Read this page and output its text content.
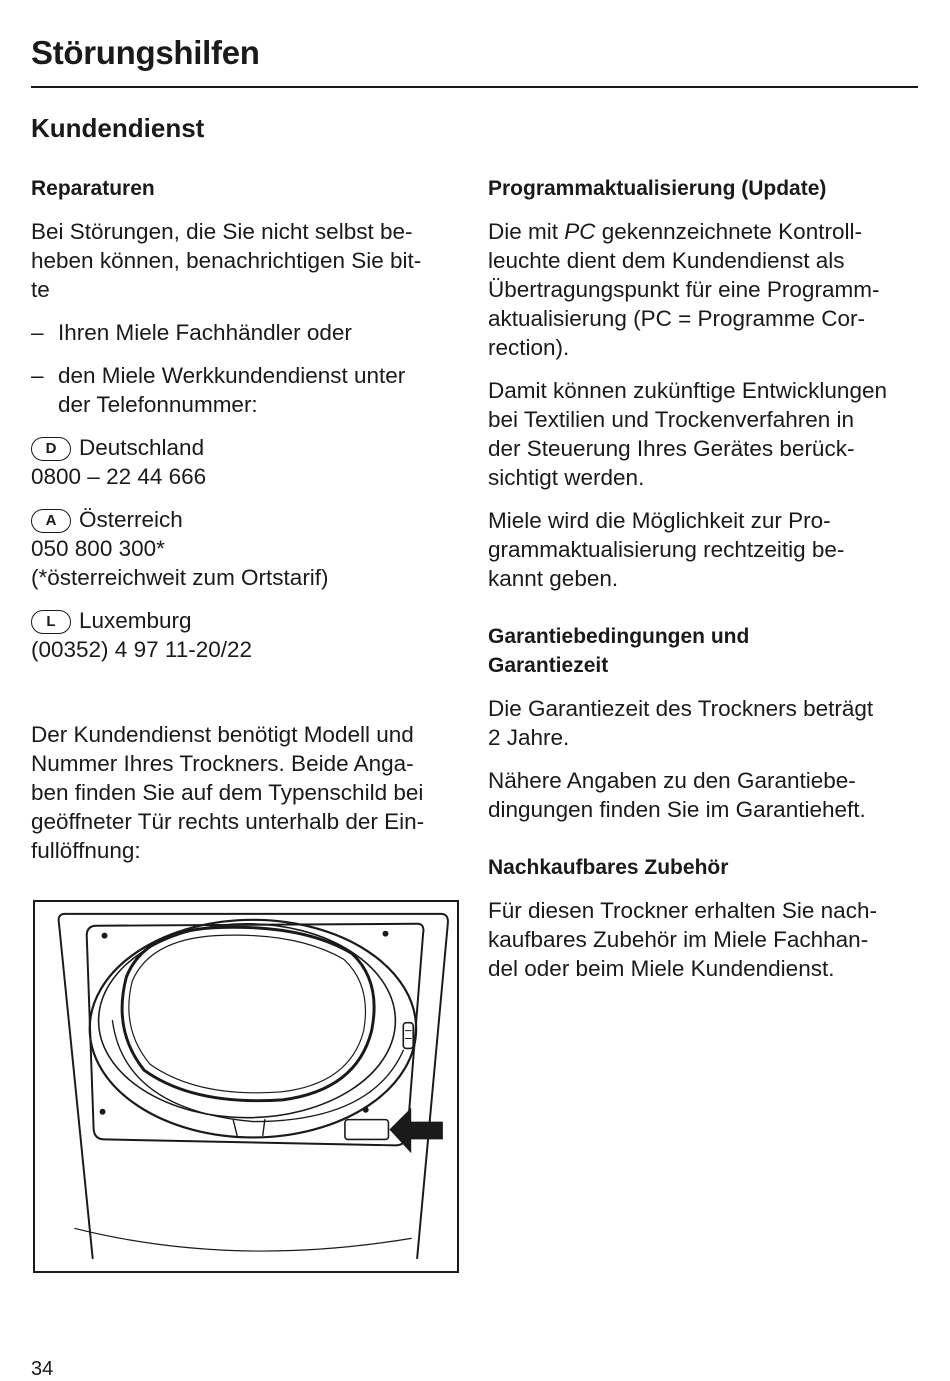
Störungshilfen
Kundendienst
Reparaturen

Bei Störungen, die Sie nicht selbst be-
heben können, benachrichtigen Sie bit-
te

– Ihren Miele Fachhändler oder
– den Miele Werkkundendienst unter
der Telefonnummer:
D Deutschland
0800 – 22 44 666
A Österreich
050 800 300*
(*österreichweit zum Ortstarif)
L Luxemburg
(00352) 4 97 11-20/22

Der Kundendienst benötigt Modell und
Nummer Ihres Trockners. Beide Anga-
ben finden Sie auf dem Typenschild bei
geöffneter Tür rechts unterhalb der Ein-
fullöffnung:

Programmaktualisierung (Update)

Die mit PC gekennzeichnete Kontroll-
leuchte dient dem Kundendienst als
Übertragungspunkt für eine Programm-
aktualisierung (PC = Programme Cor-
rection).

Damit können zukünftige Entwicklungen
bei Textilien und Trockenverfahren in
der Steuerung Ihres Gerätes berück-
sichtigt werden.

Miele wird die Möglichkeit zur Pro-
grammaktualisierung rechtzeitig be-
kannt geben.

Garantiebedingungen und
Garantiezeit

Die Garantiezeit des Trockners beträgt
2 Jahre.

Nähere Angaben zu den Garantiebe-
dingungen finden Sie im Garantieheft.

Nachkaufbares Zubehör

Für diesen Trockner erhalten Sie nach-
kaufbares Zubehör im Miele Fachhan-
del oder beim Miele Kundendienst.

34
